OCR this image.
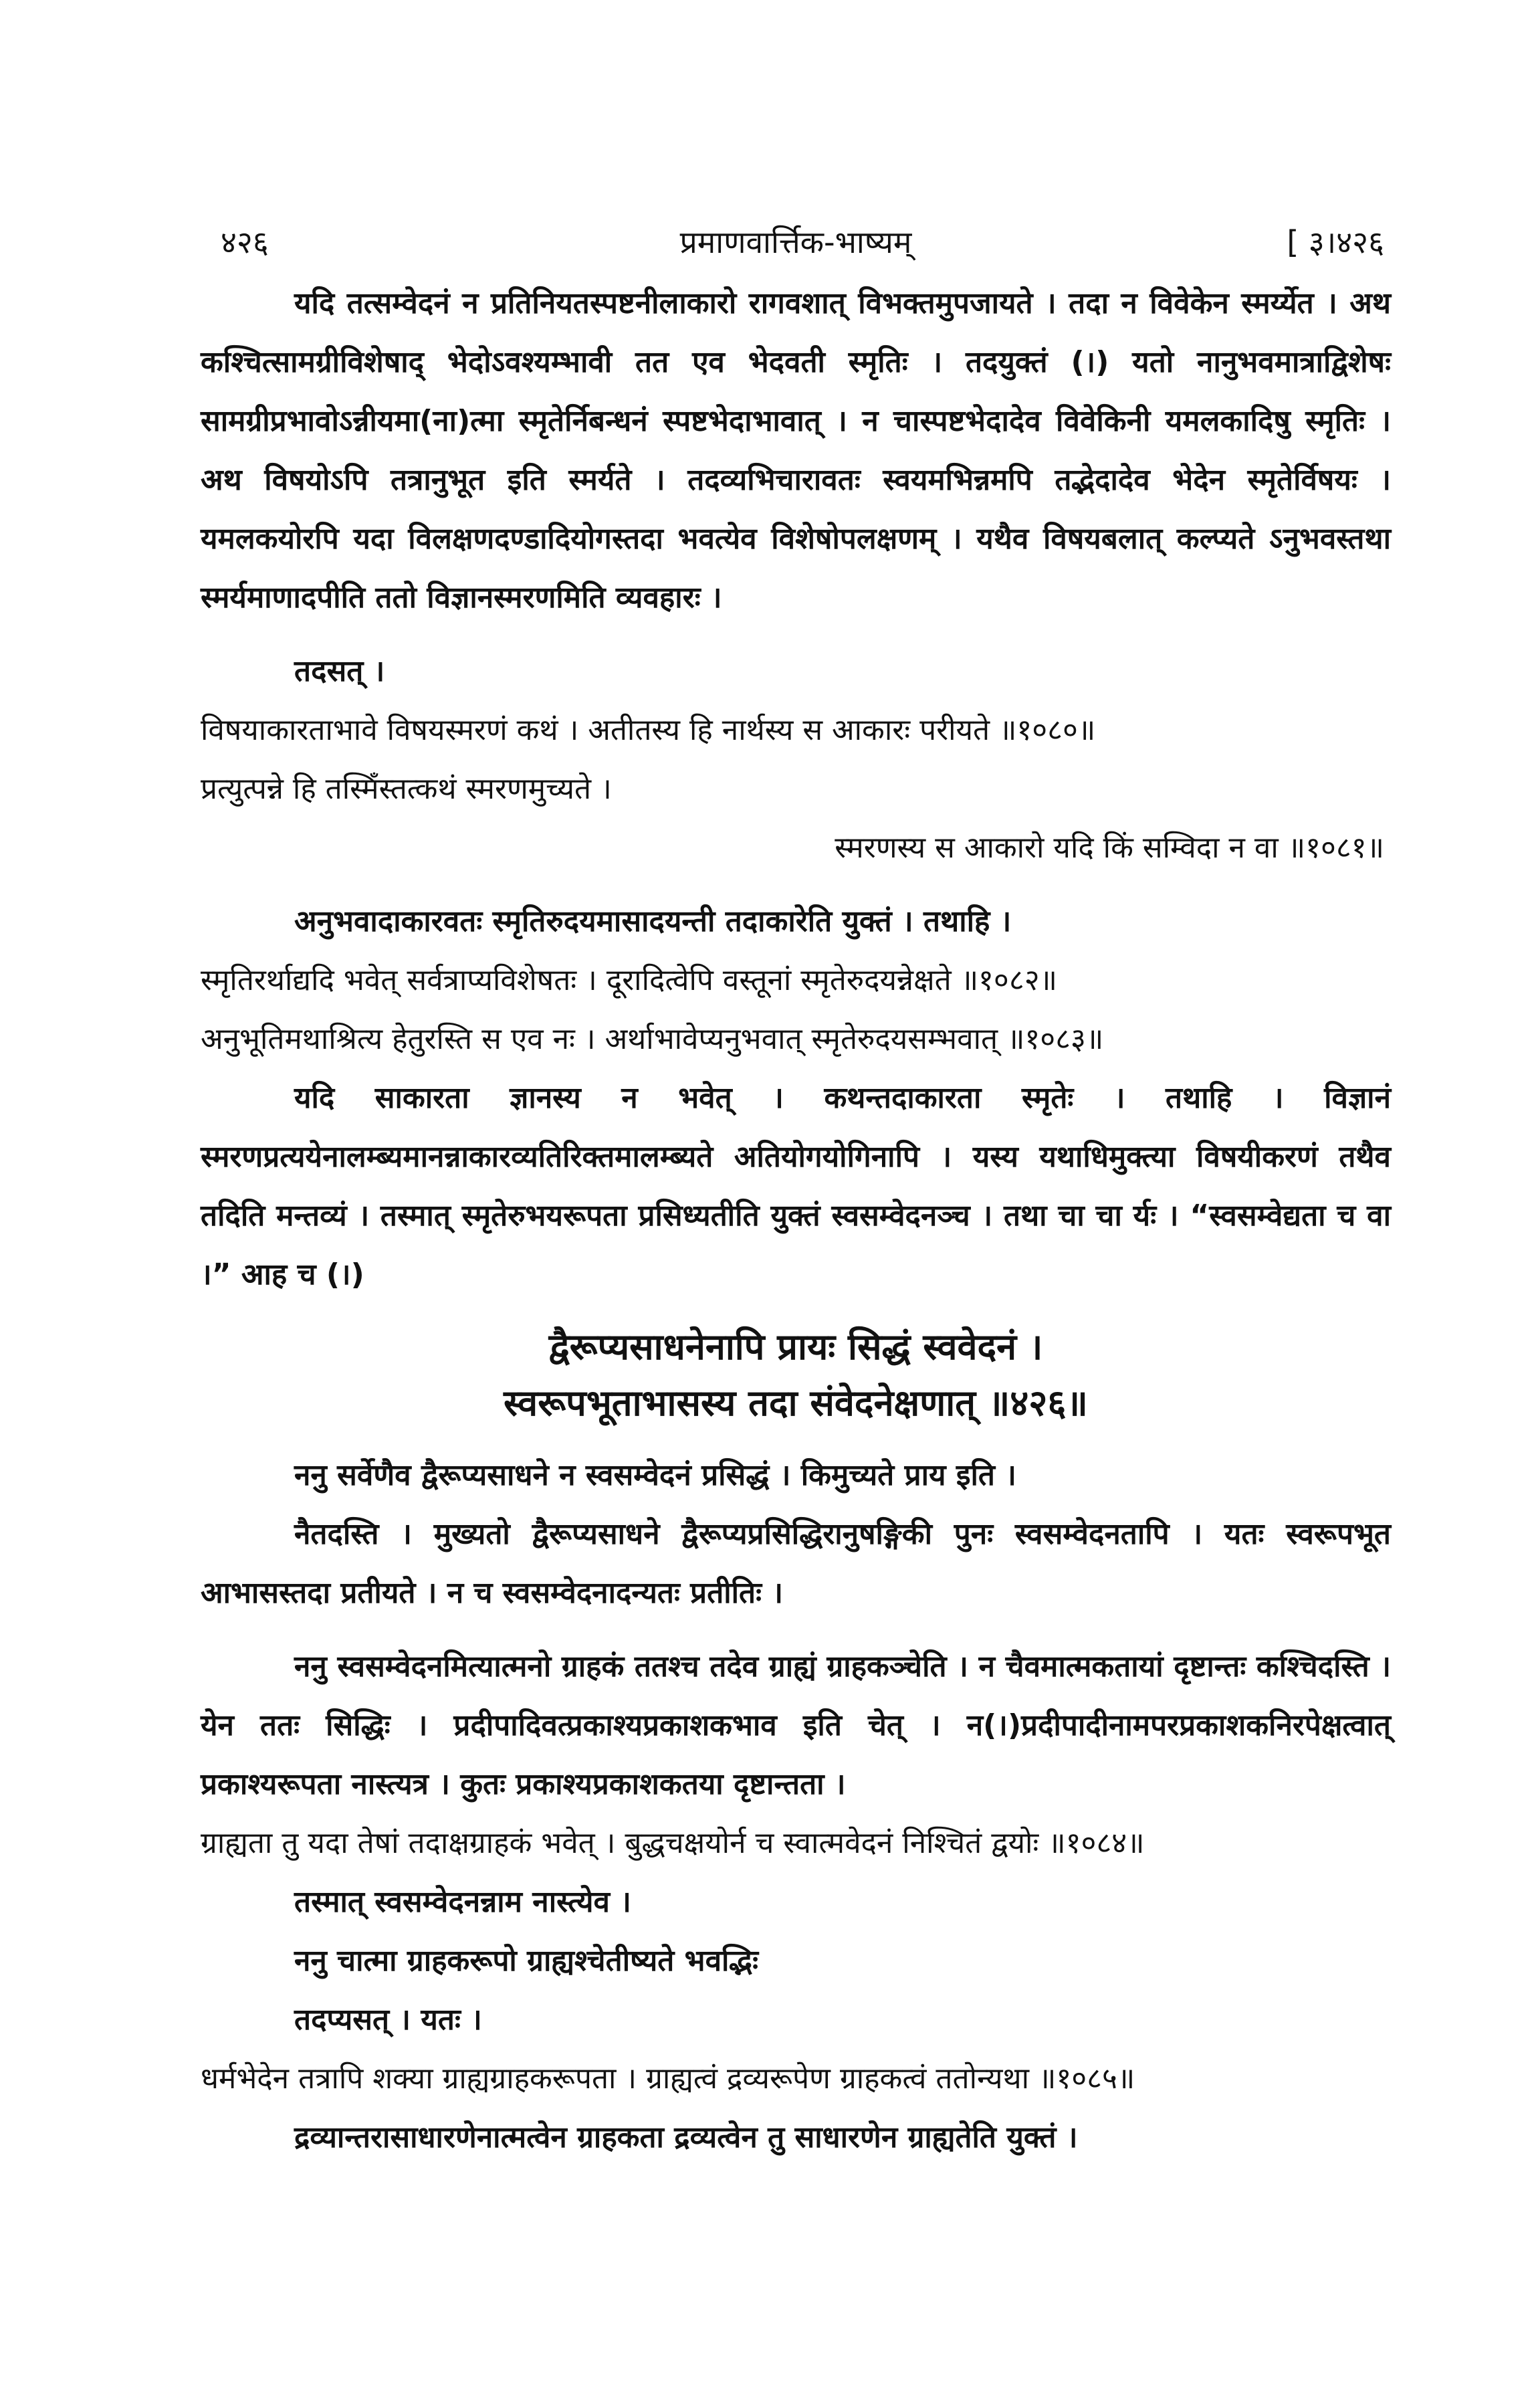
४२६	प्रमाणवार्त्तिक-भाष्यम्	[ ३।४२६

यदि तत्सम्वेदनं न प्रतिनियतस्पष्टनीलाकारो रागवशात् विभक्तमुपजायते । तदा न विवेकेन स्मर्य्येत । अथ कश्चित्सामग्रीविशेषाद् भेदोऽवश्यम्भावी तत एव भेदवती स्मृतिः । तदयुक्तं (।) यतो नानुभवमात्राद्विशेषः सामग्रीप्रभावोऽन्नीयमा(ना)त्मा स्मृतेर्निबन्धनं स्पष्टभेदाभावात् । न चास्पष्टभेदादेव विवेकिनी यमलकादिषु स्मृतिः । अथ विषयोऽपि तत्रानुभूत इति स्मर्यते । तदव्यभिचारावतः स्वयमभिन्नमपि तद्भेदादेव भेदेन स्मृतेर्विषयः । यमलकयोरपि यदा विलक्षणदण्डादियोगस्तदा भवत्येव विशेषोपलक्षणम् । यथैव विषयबलात् कल्प्यते ऽनुभवस्तथा स्मर्यमाणादपीति ततो विज्ञानस्मरणमिति व्यवहारः ।

तदसत् ।

विषयाकारताभावे विषयस्मरणं कथं । अतीतस्य हि नार्थस्य स आकारः परीयते ॥१०८०॥

प्रत्युत्पन्ने हि तस्मिँस्तत्कथं स्मरणमुच्यते ।

स्मरणस्य स आकारो यदि किं सम्विदा न वा ॥१०८१॥

अनुभवादाकारवतः स्मृतिरुदयमासादयन्ती तदाकारेति युक्तं । तथाहि ।

स्मृतिरर्थाद्यदि भवेत् सर्वत्राप्यविशेषतः । दूरादित्वेपि वस्तूनां स्मृतेरुदयन्नेक्षते ॥१०८२॥

अनुभूतिमथाश्रित्य हेतुरस्ति स एव नः । अर्थाभावेप्यनुभवात् स्मृतेरुदयसम्भवात् ॥१०८३॥

यदि साकारता ज्ञानस्य न भवेत् । कथन्तदाकारता स्मृतेः । तथाहि । विज्ञानं स्मरणप्रत्ययेनालम्ब्यमानन्नाकारव्यतिरिक्तमालम्ब्यते अतियोगयोगिनापि । यस्य यथाधिमुक्त्या विषयीकरणं तथैव तदिति मन्तव्यं । तस्मात् स्मृतेरुभयरूपता प्रसिध्यतीति युक्तं स्वसम्वेदनञ्च । तथा चा चा र्यः । “स्वसम्वेद्यता च वा ।” आह च (।)

द्वैरूप्यसाधनेनापि प्रायः सिद्धं स्ववेदनं ।

स्वरूपभूताभासस्य तदा संवेदनेक्षणात् ॥४२६॥

ननु सर्वेणैव द्वैरूप्यसाधने न स्वसम्वेदनं प्रसिद्धं । किमुच्यते प्राय इति ।

नैतदस्ति । मुख्यतो द्वैरूप्यसाधने द्वैरूप्यप्रसिद्धिरानुषङ्गिकी पुनः स्वसम्वेदनतापि । यतः स्वरूपभूत आभासस्तदा प्रतीयते । न च स्वसम्वेदनादन्यतः प्रतीतिः ।

ननु स्वसम्वेदनमित्यात्मनो ग्राहकं ततश्च तदेव ग्राह्यं ग्राहकञ्चेति । न चैवमात्मकतायां दृष्टान्तः कश्चिदस्ति । येन ततः सिद्धिः । प्रदीपादिवत्प्रकाश्यप्रकाशकभाव इति चेत् । न(।)प्रदीपादीनामपरप्रकाशकनिरपेक्षत्वात् प्रकाश्यरूपता नास्त्यत्र । कुतः प्रकाश्यप्रकाशकतया दृष्टान्तता ।

ग्राह्यता तु यदा तेषां तदाक्षग्राहकं भवेत् । बुद्धचक्षयोर्न च स्वात्मवेदनं निश्चितं द्वयोः ॥१०८४॥

तस्मात् स्वसम्वेदनन्नाम नास्त्येव ।

ननु चात्मा ग्राहकरूपो ग्राह्यश्चेतीष्यते भवद्भिः

तदप्यसत् । यतः ।

धर्मभेदेन तत्रापि शक्या ग्राह्यग्राहकरूपता । ग्राह्यत्वं द्रव्यरूपेण ग्राहकत्वं ततोन्यथा ॥१०८५॥

द्रव्यान्तरासाधारणेनात्मत्वेन ग्राहकता द्रव्यत्वेन तु साधारणेन ग्राह्यतेति युक्तं ।
